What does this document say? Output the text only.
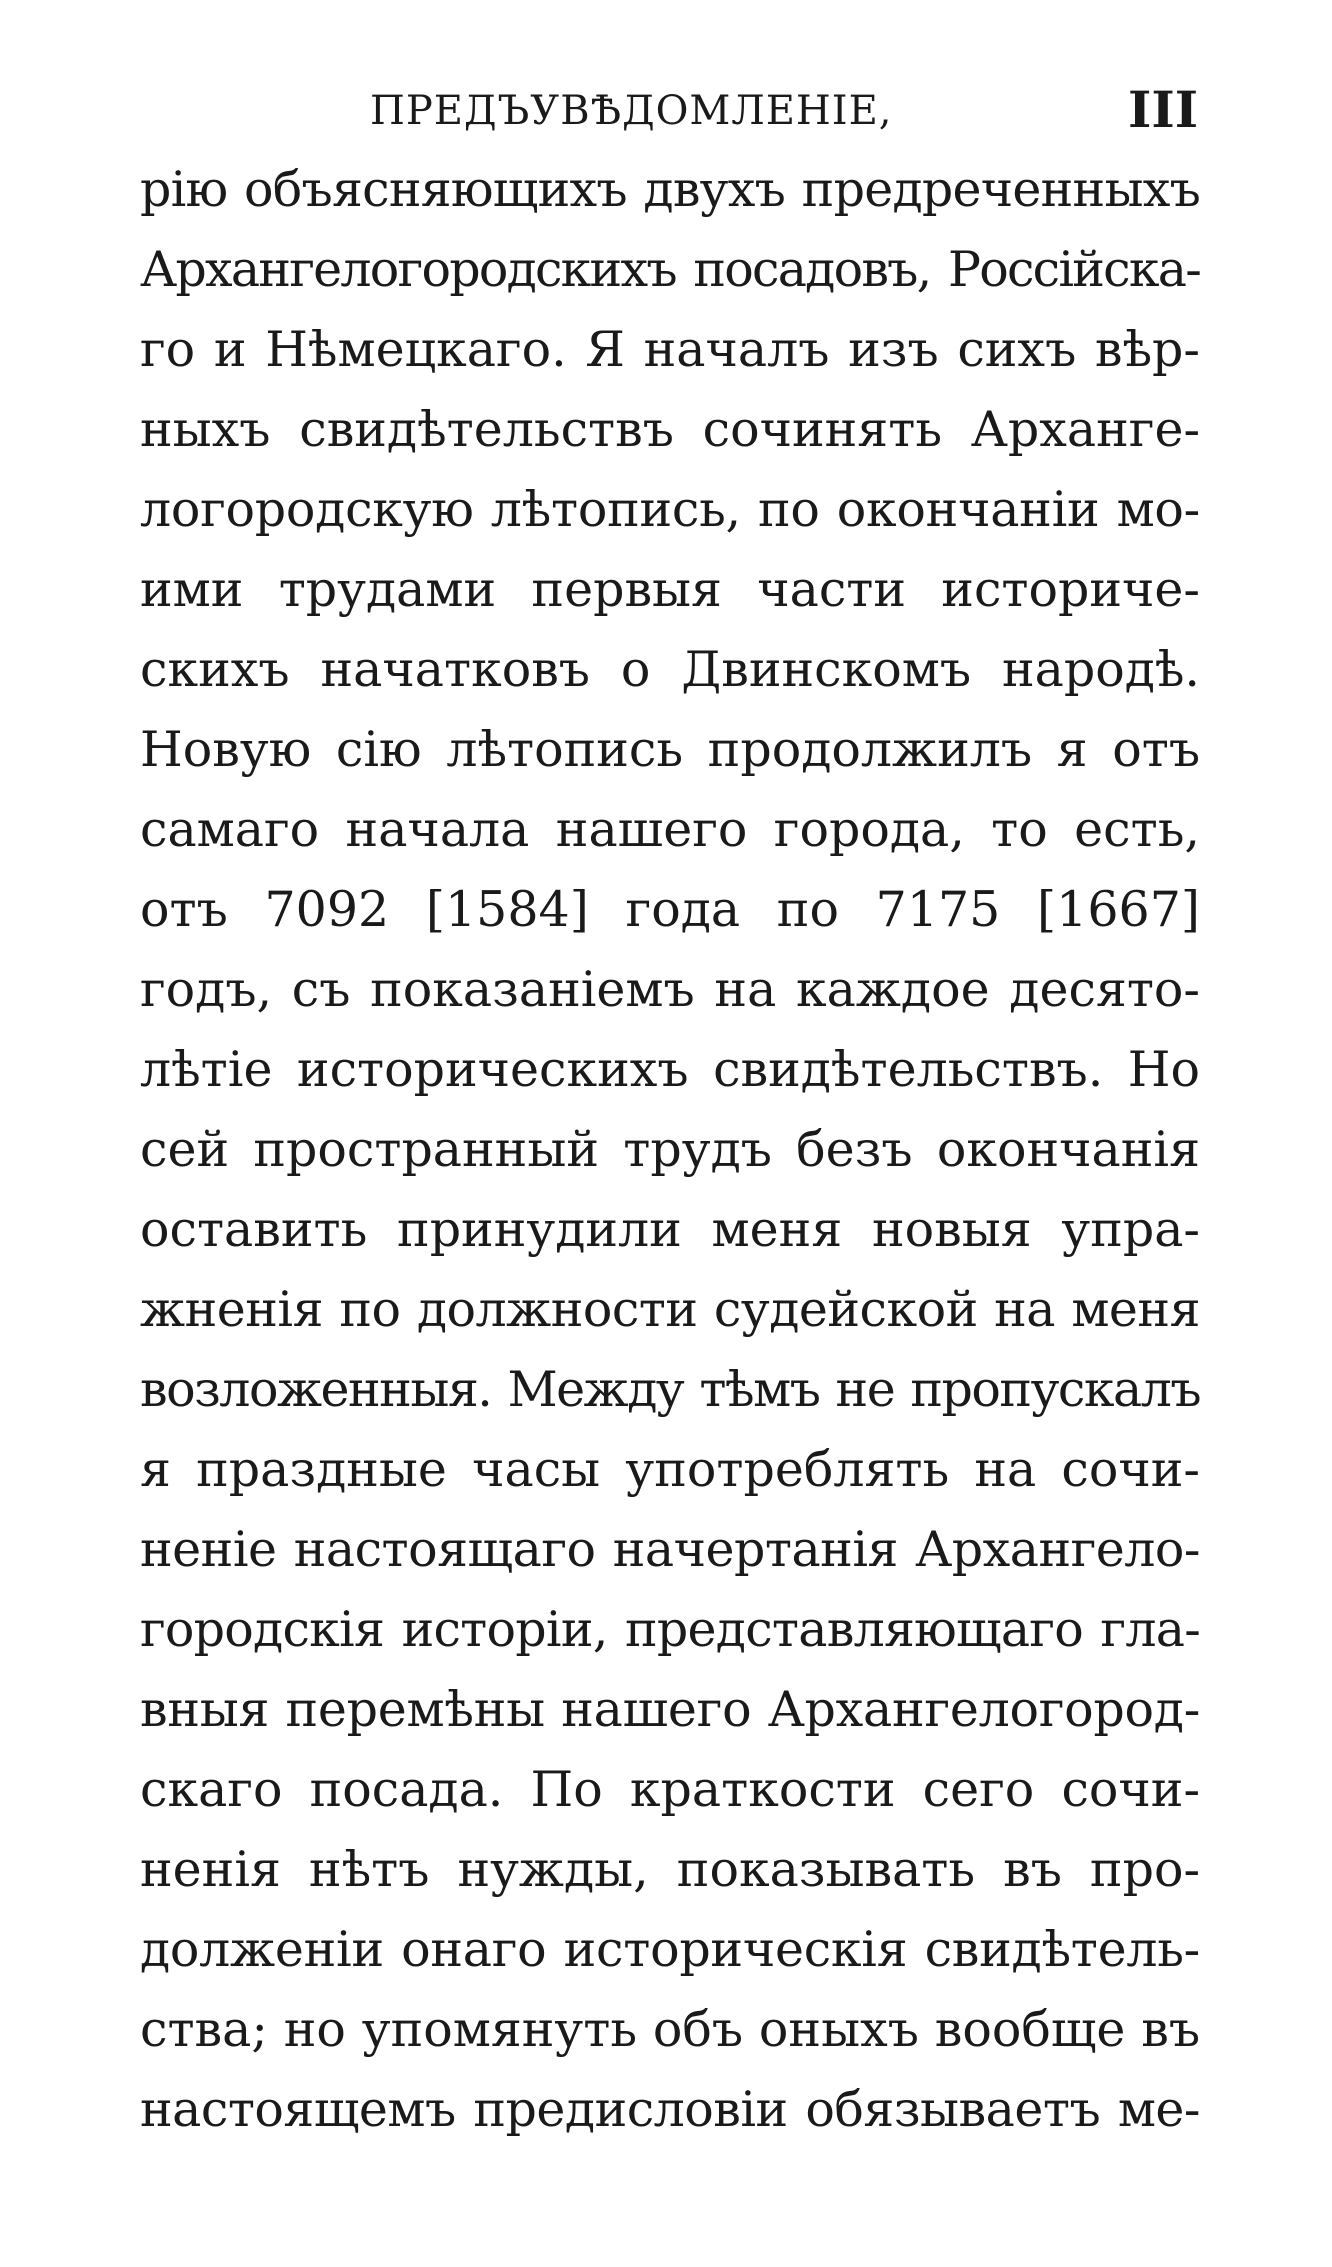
ПРЕДЪУВѢДОМЛЕНІЕ,	III
рію объясняющихъ двухъ предреченныхъ
Архангелогородскихъ посадовъ, Россійска-
го и Нѣмецкаго. Я началъ изъ сихъ вѣр-
ныхъ свидѣтельствъ сочинять Архангe-
логородскую лѣтопись, по окончаніи мо-
ими трудами первыя части историче-
скихъ начатковъ о Двинскомъ народѣ.
Новую сію лѣтопись продолжилъ я отъ
самаго начала нашего города, то есть,
отъ 7092 [1584] года по 7175 [1667]
годъ, съ показаніемъ на каждое десято-
лѣтіе историческихъ свидѣтельствъ. Но
сей пространный трудъ безъ окончанія
оставить принудили меня новыя упра-
жненія по должности судейской на меня
возложенныя. Между тѣмъ не пропускалъ
я праздные часы употреблять на сочи-
неніе настоящаго начертанія Архангело-
городскія исторіи, представляющаго гла-
вныя перемѣны нашего Архангелогород-
скаго посада. По краткости сего сочи-
ненія нѣтъ нужды, показывать въ про-
долженіи онаго историческія свидѣтель-
ства; но упомянуть объ оныхъ вообще въ
настоящемъ предисловіи обязываетъ ме-
